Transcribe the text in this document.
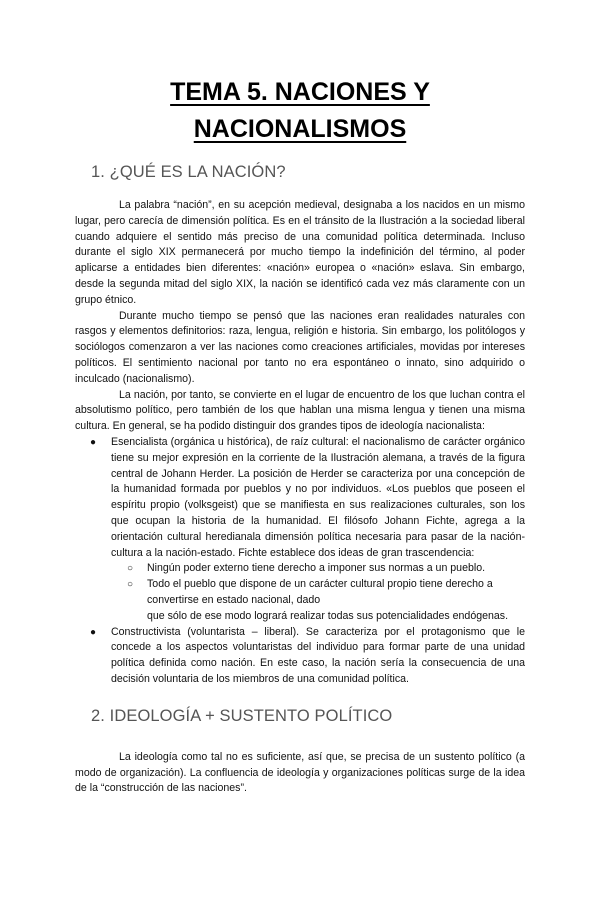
TEMA 5. NACIONES Y
NACIONALISMOS
1. ¿QUÉ ES LA NACIÓN?

La palabra “nación”, en su acepción medieval, designaba a los nacidos en un mismo lugar, pero carecía de dimensión política. Es en el tránsito de la Ilustración a la sociedad liberal cuando adquiere el sentido más preciso de una comunidad política determinada. Incluso durante el siglo XIX permanecerá por mucho tiempo la indefinición del término, al poder aplicarse a entidades bien diferentes: «nación» europea o «nación» eslava. Sin embargo, desde la segunda mitad del siglo XIX, la nación se identificó cada vez más claramente con un grupo étnico.

Durante mucho tiempo se pensó que las naciones eran realidades naturales con rasgos y elementos definitorios: raza, lengua, religión e historia. Sin embargo, los politólogos y sociólogos comenzaron a ver las naciones como creaciones artificiales, movidas por intereses políticos. El sentimiento nacional por tanto no era espontáneo o innato, sino adquirido o inculcado (nacionalismo).

La nación, por tanto, se convierte en el lugar de encuentro de los que luchan contra el absolutismo político, pero también de los que hablan una misma lengua y tienen una misma cultura. En general, se ha podido distinguir dos grandes tipos de ideología nacionalista:

● Esencialista (orgánica u histórica), de raíz cultural: el nacionalismo de carácter orgánico tiene su mejor expresión en la corriente de la Ilustración alemana, a través de la figura central de Johann Herder. La posición de Herder se caracteriza por una concepción de la humanidad formada por pueblos y no por individuos. «Los pueblos que poseen el espíritu propio (volksgeist) que se manifiesta en sus realizaciones culturales, son los que ocupan la historia de la humanidad. El filósofo Johann Fichte, agrega a la orientación cultural heredianala dimensión política necesaria para pasar de la nación-cultura a la nación-estado. Fichte establece dos ideas de gran trascendencia:
○ Ningún poder externo tiene derecho a imponer sus normas a un pueblo.
○ Todo el pueblo que dispone de un carácter cultural propio tiene derecho a convertirse en estado nacional, dado
que sólo de ese modo logrará realizar todas sus potencialidades endógenas.
● Constructivista (voluntarista – liberal). Se caracteriza por el protagonismo que le concede a los aspectos voluntaristas del individuo para formar parte de una unidad política definida como nación. En este caso, la nación sería la consecuencia de una decisión voluntaria de los miembros de una comunidad política.
2. IDEOLOGÍA + SUSTENTO POLÍTICO

La ideología como tal no es suficiente, así que, se precisa de un sustento político (a modo de organización). La confluencia de ideología y organizaciones políticas surge de la idea de la “construcción de las naciones”.
